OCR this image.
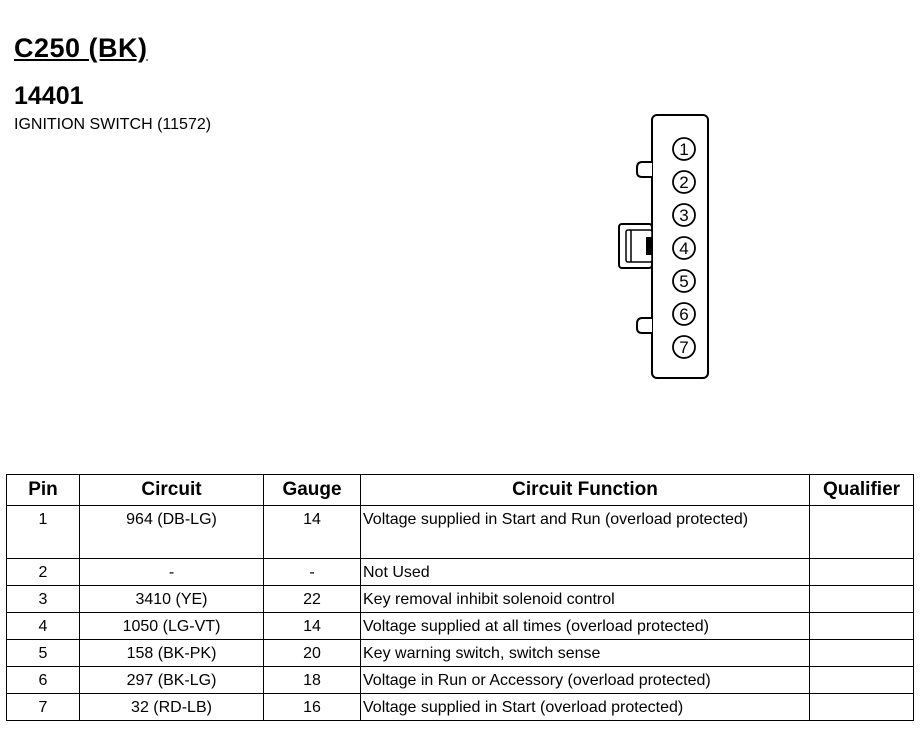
C250 (BK)
14401

IGNITION SWITCH (11572)

1
2
3
4
5
6
7
Pin	Circuit	Gauge	Circuit Function	Qualifier
1	964 (DB-LG)	14	Voltage supplied in Start and Run (overload protected)	
2	-	-	Not Used	
3	3410 (YE)	22	Key removal inhibit solenoid control	
4	1050 (LG-VT)	14	Voltage supplied at all times (overload protected)	
5	158 (BK-PK)	20	Key warning switch, switch sense	
6	297 (BK-LG)	18	Voltage in Run or Accessory (overload protected)	
7	32 (RD-LB)	16	Voltage supplied in Start (overload protected)	
